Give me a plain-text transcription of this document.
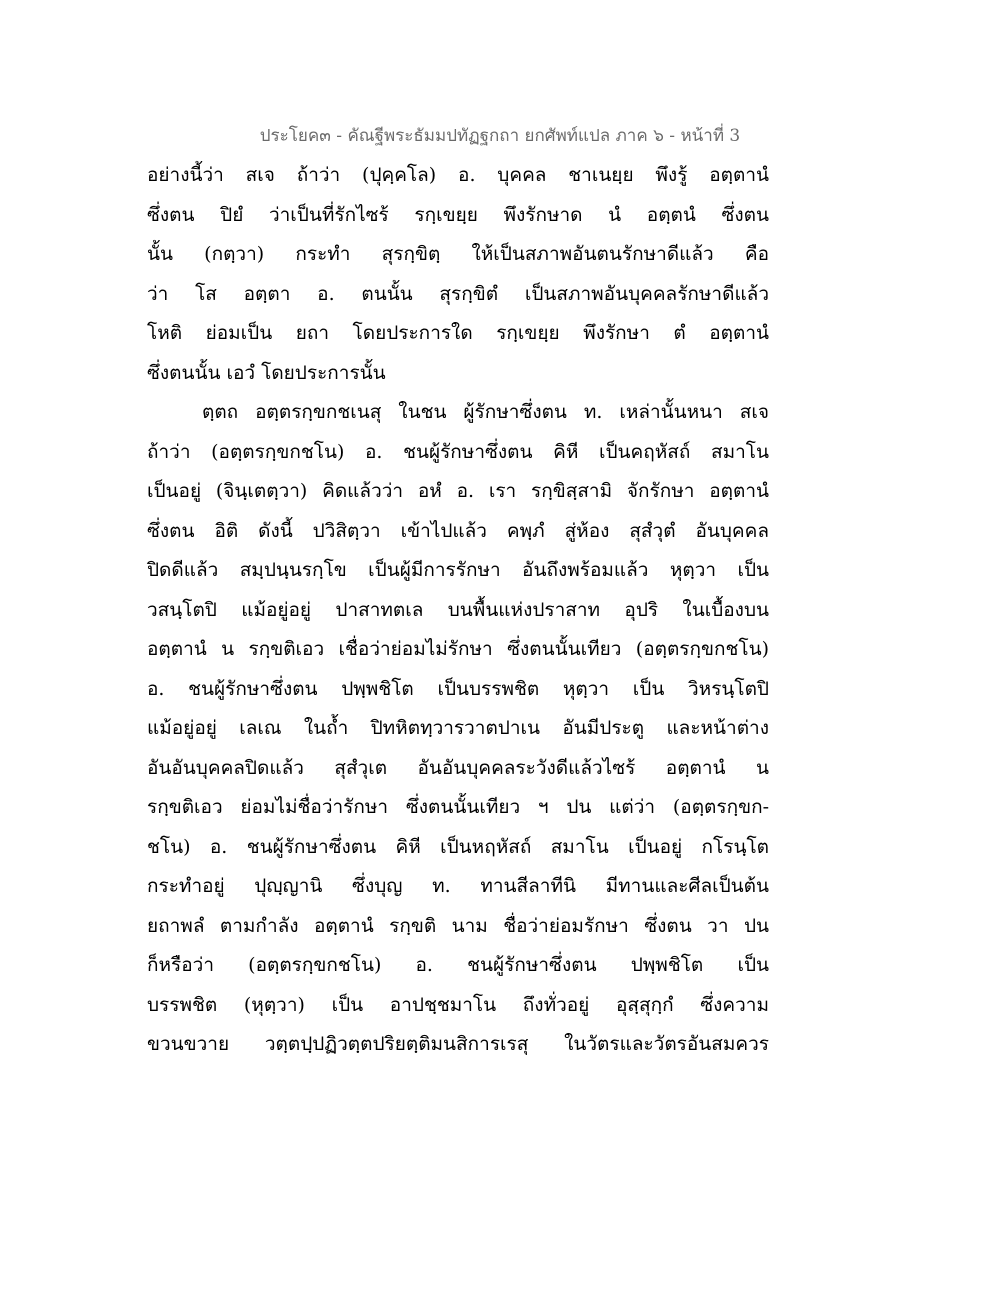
ประโยค๓ - คัณฐีพระธัมมปทัฏฐกถา ยกศัพท์แปล ภาค ๖ - หน้าที่ 3
อย่างนี้ว่า สเจ ถ้าว่า (ปุคฺคโล) อ. บุคคล ชาเนยฺย พึงรู้ อตฺตานํ
ซึ่งตน ปิยํ ว่าเป็นที่รักไซร้ รกฺเขยฺย พึงรักษาด นํ อตฺตนํ ซึ่งตน
นั้น (กตฺวา) กระทำ สุรกฺขิตฺ ให้เป็นสภาพอันตนรักษาดีแล้ว คือ
ว่า โส อตฺตา อ. ตนนั้น สุรกฺขิตํ เป็นสภาพอันบุคคลรักษาดีแล้ว
โหติ ย่อมเป็น ยถา โดยประการใด รกฺเขยฺย พึงรักษา ตํ อตฺตานํ
ซึ่งตนนั้น เอวํ โดยประการนั้น
ตฺตถ อตฺตรกฺขกชเนสุ ในชน ผู้รักษาซึ่งตน ท. เหล่านั้นหนา สเจ
ถ้าว่า (อตฺตรกฺขกชโน) อ. ชนผู้รักษาซึ่งตน คิหี เป็นคฤหัสถ์ สมาโน
เป็นอยู่ (จินฺเตตฺวา) คิดแล้วว่า อหํ อ. เรา รกฺขิสฺสามิ จักรักษา อตฺตานํ
ซึ่งตน อิติ ดังนี้ ปวิสิตฺวา เข้าไปแล้ว คพฺภํ สู่ห้อง สุสํวุตํ อันบุคคล
ปิดดีแล้ว สมฺปนฺนรกฺโข เป็นผู้มีการรักษา อันถึงพร้อมแล้ว หุตฺวา เป็น
วสนฺโตปิ แม้อยู่อยู่ ปาสาทตเล บนพื้นแห่งปราสาท อุปริ ในเบื้องบน
อตฺตานํ น รกฺขติเอว เชื่อว่าย่อมไม่รักษา ซึ่งตนนั้นเทียว (อตฺตรกฺขกชโน)
อ. ชนผู้รักษาซึ่งตน ปพฺพชิโต เป็นบรรพชิต หุตฺวา เป็น วิหรนฺโตปิ
แม้อยู่อยู่ เลเณ ในถ้ำ ปิทหิตทฺวารวาตปาเน อันมีประตู และหน้าต่าง
อันอันบุคคลปิดแล้ว สุสํวุเต อันอันบุคคลระวังดีแล้วไซร้ อตฺตานํ น
รกฺขติเอว ย่อมไม่ชื่อว่ารักษา ซึ่งตนนั้นเทียว ฯ ปน แต่ว่า (อตฺตรกฺขก-
ชโน) อ. ชนผู้รักษาซึ่งตน คิหี เป็นหฤหัสถ์ สมาโน เป็นอยู่ กโรนฺโต
กระทำอยู่ ปุญฺญานิ ซึ่งบุญ ท. ทานสีลาทีนิ มีทานและศีลเป็นต้น
ยถาพลํ ตามกำลัง อตฺตานํ รกฺขติ นาม ชื่อว่าย่อมรักษา ซึ่งตน วา ปน
ก็หรือว่า (อตฺตรกฺขกชโน) อ. ชนผู้รักษาซึ่งตน ปพฺพชิโต เป็น
บรรพชิต (หุตฺวา) เป็น อาปชฺชมาโน ถึงทั่วอยู่ อุสฺสุกฺกํ ซึ่งความ
ขวนขวาย วตฺตปฺปฏิวตฺตปริยตฺติมนสิการเรสุ ในวัตรและวัตรอันสมควร
